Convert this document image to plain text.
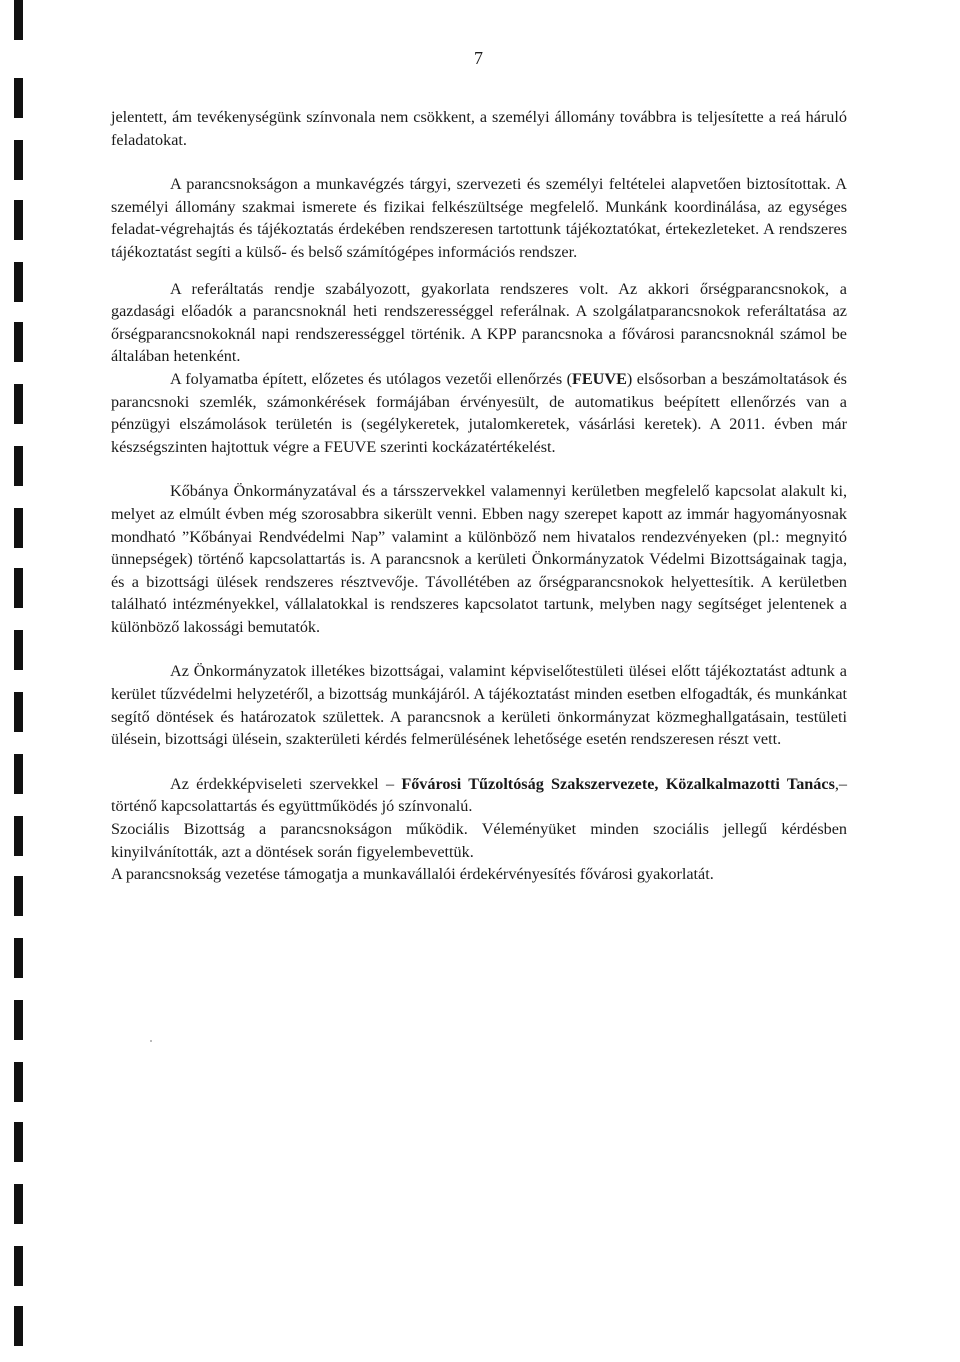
7

jelentett, ám tevékenységünk színvonala nem csökkent, a személyi állomány továbbra is teljesítette a reá háruló feladatokat.

A parancsnokságon a munkavégzés tárgyi, szervezeti és személyi feltételei alapvetően biztosítottak. A személyi állomány szakmai ismerete és fizikai felkészültsége megfelelő. Munkánk koordinálása, az egységes feladat-végrehajtás és tájékoztatás érdekében rendszeresen tartottunk tájékoztatókat, értekezleteket. A rendszeres tájékoztatást segíti a külső- és belső számítógépes információs rendszer.

A referáltatás rendje szabályozott, gyakorlata rendszeres volt. Az akkori őrségparancsnokok, a gazdasági előadók a parancsnoknál heti rendszerességgel referálnak. A szolgálatparancsnokok referáltatása az őrségparancsnokoknál napi rendszerességgel történik. A KPP parancsnoka a fővárosi parancsnoknál számol be általában hetenként.

A folyamatba épített, előzetes és utólagos vezetői ellenőrzés (FEUVE) elsősorban a beszámoltatások és parancsnoki szemlék, számonkérések formájában érvényesült, de automatikus beépített ellenőrzés van a pénzügyi elszámolások területén is (segélykeretek, jutalomkeretek, vásárlási keretek). A 2011. évben már készségszinten hajtottuk végre a FEUVE szerinti kockázatértékelést.

Kőbánya Önkormányzatával és a társszervekkel valamennyi kerületben megfelelő kapcsolat alakult ki, melyet az elmúlt évben még szorosabbra sikerült venni. Ebben nagy szerepet kapott az immár hagyományosnak mondható ”Kőbányai Rendvédelmi Nap” valamint a különböző nem hivatalos rendezvényeken (pl.: megnyitó ünnepségek) történő kapcsolattartás is. A parancsnok a kerületi Önkormányzatok Védelmi Bizottságainak tagja, és a bizottsági ülések rendszeres résztvevője. Távollétében az őrségparancsnokok helyettesítik. A kerületben található intézményekkel, vállalatokkal is rendszeres kapcsolatot tartunk, melyben nagy segítséget jelentenek a különböző lakossági bemutatók.

Az Önkormányzatok illetékes bizottságai, valamint képviselőtestületi ülései előtt tájékoztatást adtunk a kerület tűzvédelmi helyzetéről, a bizottság munkájáról. A tájékoztatást minden esetben elfogadták, és munkánkat segítő döntések és határozatok születtek. A parancsnok a kerületi önkormányzat közmeghallgatásain, testületi ülésein, bizottsági ülésein, szakterületi kérdés felmerülésének lehetősége esetén rendszeresen részt vett.

Az érdekképviseleti szervekkel – Fővárosi Tűzoltóság Szakszervezete, Közalkalmazotti Tanács,– történő kapcsolattartás és együttműködés jó színvonalú.

Szociális Bizottság a parancsnokságon működik. Véleményüket minden szociális jellegű kérdésben kinyilvánították, azt a döntések során figyelembevettük.

A parancsnokság vezetése támogatja a munkavállalói érdekérvényesítés fővárosi gyakorlatát.
